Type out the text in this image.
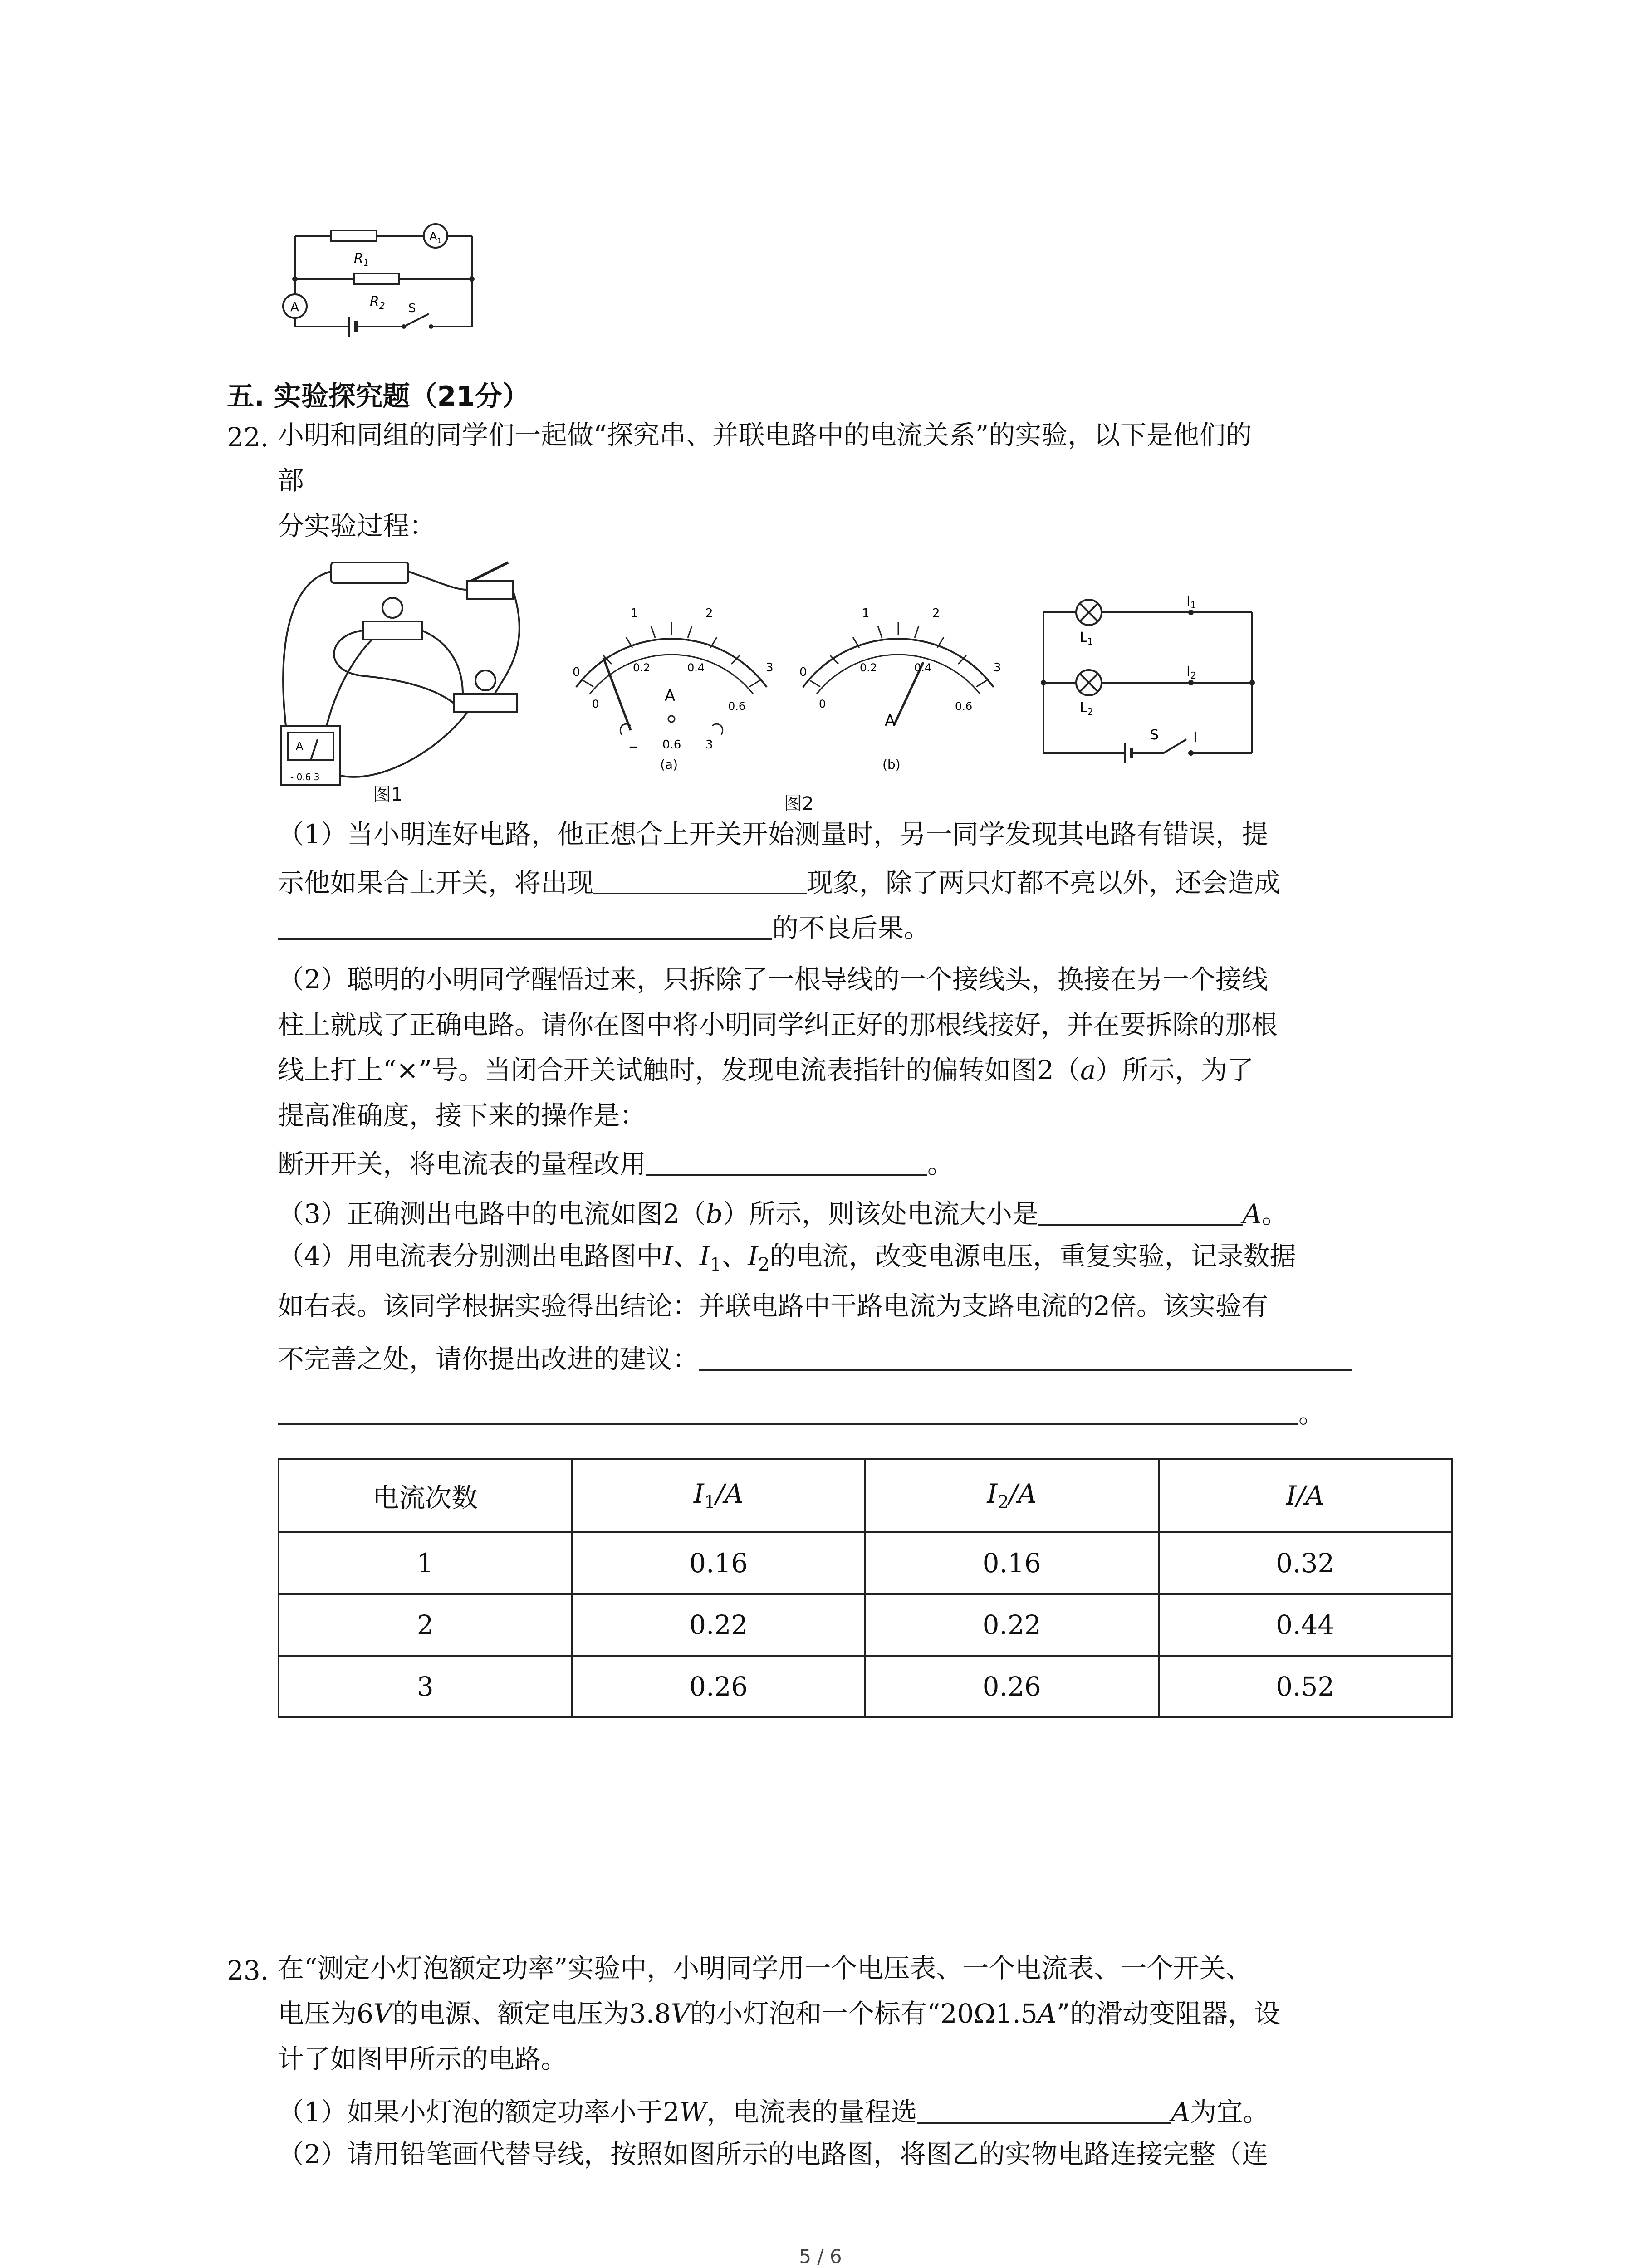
$R_1$
$R_2$
$A_1$
A	S
五. 实验探究题（21分）
22. 小明和同组的同学们一起做“探究串、并联电路中的电流关系”的实验，以下是他们的
部
分实验过程：
A
- 0.6 3
图1
0
1	2
3
0
0.2	0.4
0.6
A
− 0.6 3
(a)
0
1	2
3
0
0.2	0.4
0.6
A
(b)
图2
$I_1$
$L_1$
$I_2$
$L_2$
S	I
（1）当小明连好电路，他正想合上开关开始测量时，另一同学发现其电路有错误，提
示他如果合上开关，将出现	现象，除了两只灯都不亮以外，还会造成
的不良后果。
（2）聪明的小明同学醒悟过来，只拆除了一根导线的一个接线头，换接在另一个接线
柱上就成了正确电路。请你在图中将小明同学纠正好的那根线接好，并在要拆除的那根
线上打上“×”号。当闭合开关试触时，发现电流表指针的偏转如图2（a）所示，为了
提高准确度，接下来的操作是：
断开开关，将电流表的量程改用	。
（3）正确测出电路中的电流如图2（b）所示，则该处电流大小是	A。
（4）用电流表分别测出电路图中I、$I_1$、$I_2$的电流，改变电源电压，重复实验，记录数据
如右表。该同学根据实验得出结论：并联电路中干路电流为支路电流的2倍。该实验有
不完善之处，请你提出改进的建议：
。
电流次数	$I_1/A$	$I_2/A$	I/A
1	0.16	0.16	0.32
2	0.22	0.22	0.44
3	0.26	0.26	0.52
23. 在“测定小灯泡额定功率”实验中，小明同学用一个电压表、一个电流表、一个开关、
电压为6V的电源、额定电压为3.8V的小灯泡和一个标有“20Ω1.5A”的滑动变阻器，设
计了如图甲所示的电路。
（1）如果小灯泡的额定功率小于2W，电流表的量程选	A为宜。
（2）请用铅笔画代替导线，按照如图所示的电路图，将图乙的实物电路连接完整（连
5 / 6
